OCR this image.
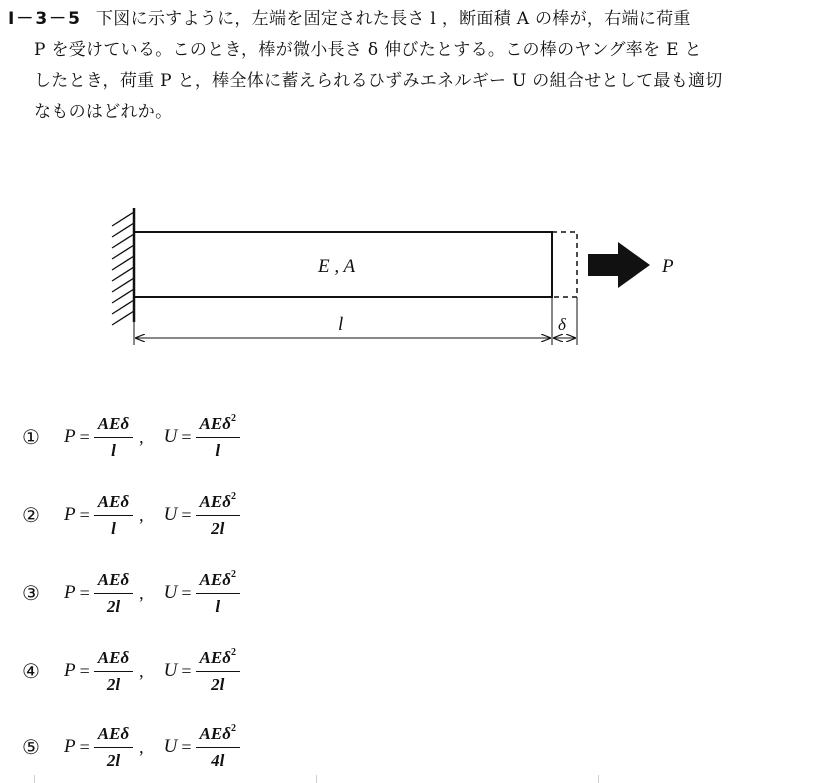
I－3－5 下図に示すように，左端を固定された長さ l ，断面積 A の棒が，右端に荷重
P を受けている。このとき，棒が微小長さ δ 伸びたとする。この棒のヤング率を E と
したとき，荷重 P と，棒全体に蓄えられるひずみエネルギー U の組合せとして最も適切
なものはどれか。
P
E , A
l	δ
①	$P = \frac{\text{AEδ}}{l}$ , $U = \frac{AE\delta^2}{l}$
②	$P = \frac{\text{AEδ}}{l}$ , $U = \frac{AE\delta^2}{2l}$
③	$P = \frac{\text{AEδ}}{2l}$ , $U = \frac{AE\delta^2}{l}$
④	$P = \frac{\text{AEδ}}{2l}$ , $U = \frac{AE\delta^2}{2l}$
⑤	$P = \frac{\text{AEδ}}{2l}$ , $U = \frac{AE\delta^2}{4l}$
